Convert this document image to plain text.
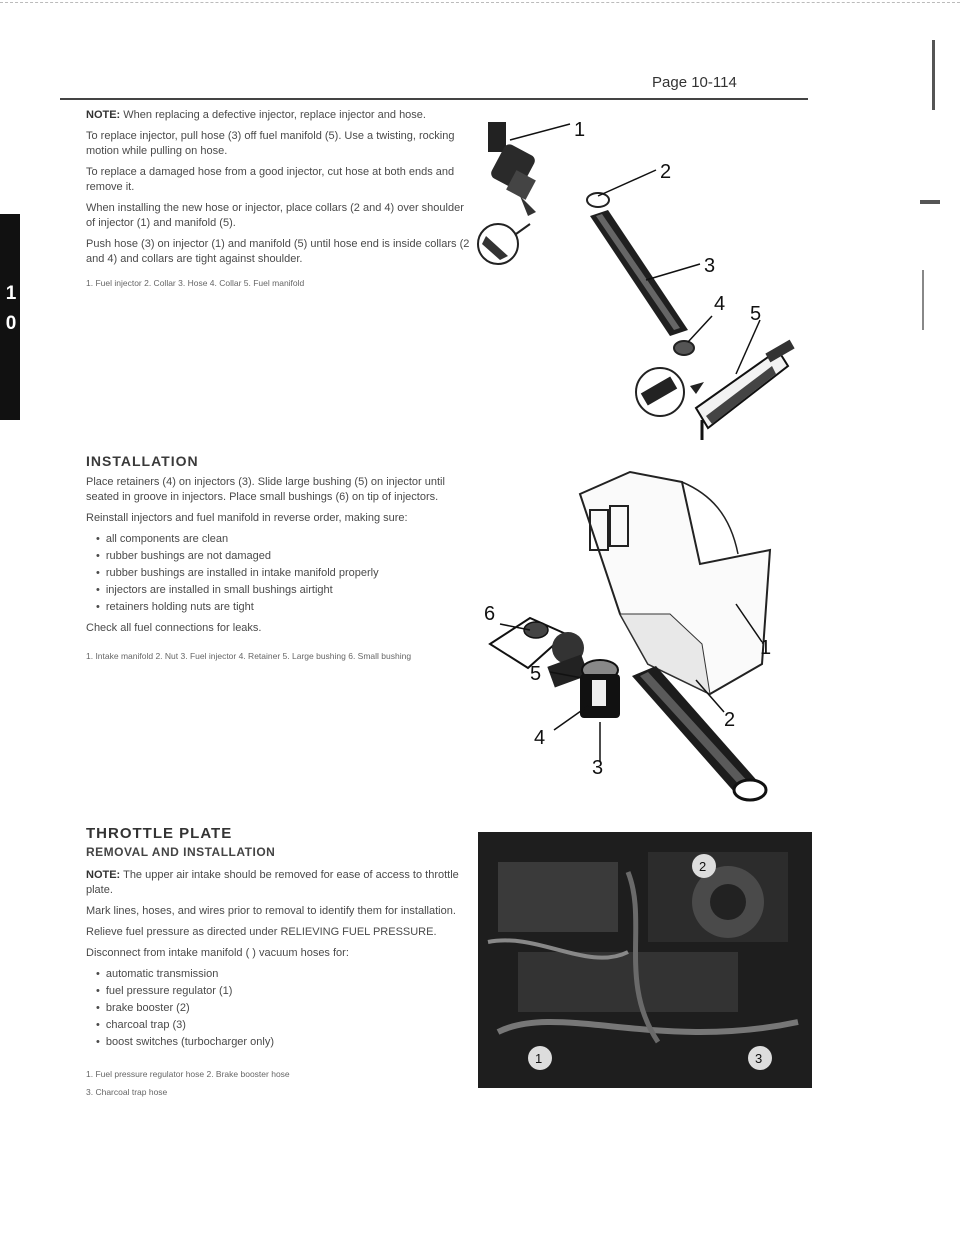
Page 10-114
1
0

NOTE: When replacing a defective injector, replace injector and hose.

To replace injector, pull hose (3) off fuel manifold (5). Use a twisting, rocking motion while pulling on hose.

To replace a damaged hose from a good injector, cut hose at both ends and remove it.

When installing the new hose or injector, place collars (2 and 4) over shoulder of injector (1) and manifold (5).

Push hose (3) on injector (1) and manifold (5) until hose end is inside collars (2 and 4) and collars are tight against shoulder.

1. Fuel injector 2. Collar 3. Hose 4. Collar 5. Fuel manifold

INSTALLATION

Place retainers (4) on injectors (3). Slide large bushing (5) on injector until seated in groove in injectors. Place small bushings (6) on tip of injectors.

Reinstall injectors and fuel manifold in reverse order, making sure:

• all components are clean
• rubber bushings are not damaged
• rubber bushings are installed in intake manifold properly
• injectors are installed in small bushings airtight
• retainers holding nuts are tight

Check all fuel connections for leaks.

1. Intake manifold 2. Nut 3. Fuel injector 4. Retainer 5. Large bushing 6. Small bushing

THROTTLE PLATE
REMOVAL AND INSTALLATION

NOTE: The upper air intake should be removed for ease of access to throttle plate.

Mark lines, hoses, and wires prior to removal to identify them for installation.

Relieve fuel pressure as directed under RELIEVING FUEL PRESSURE.

Disconnect from intake manifold ( ) vacuum hoses for:

• automatic transmission
• fuel pressure regulator (1)
• brake booster (2)
• charcoal trap (3)
• boost switches (turbocharger only)

1. Fuel pressure regulator hose 2. Brake booster hose

3. Charcoal trap hose

1
2
3
4 5
6
1
5
2
4
3
1
2
3
